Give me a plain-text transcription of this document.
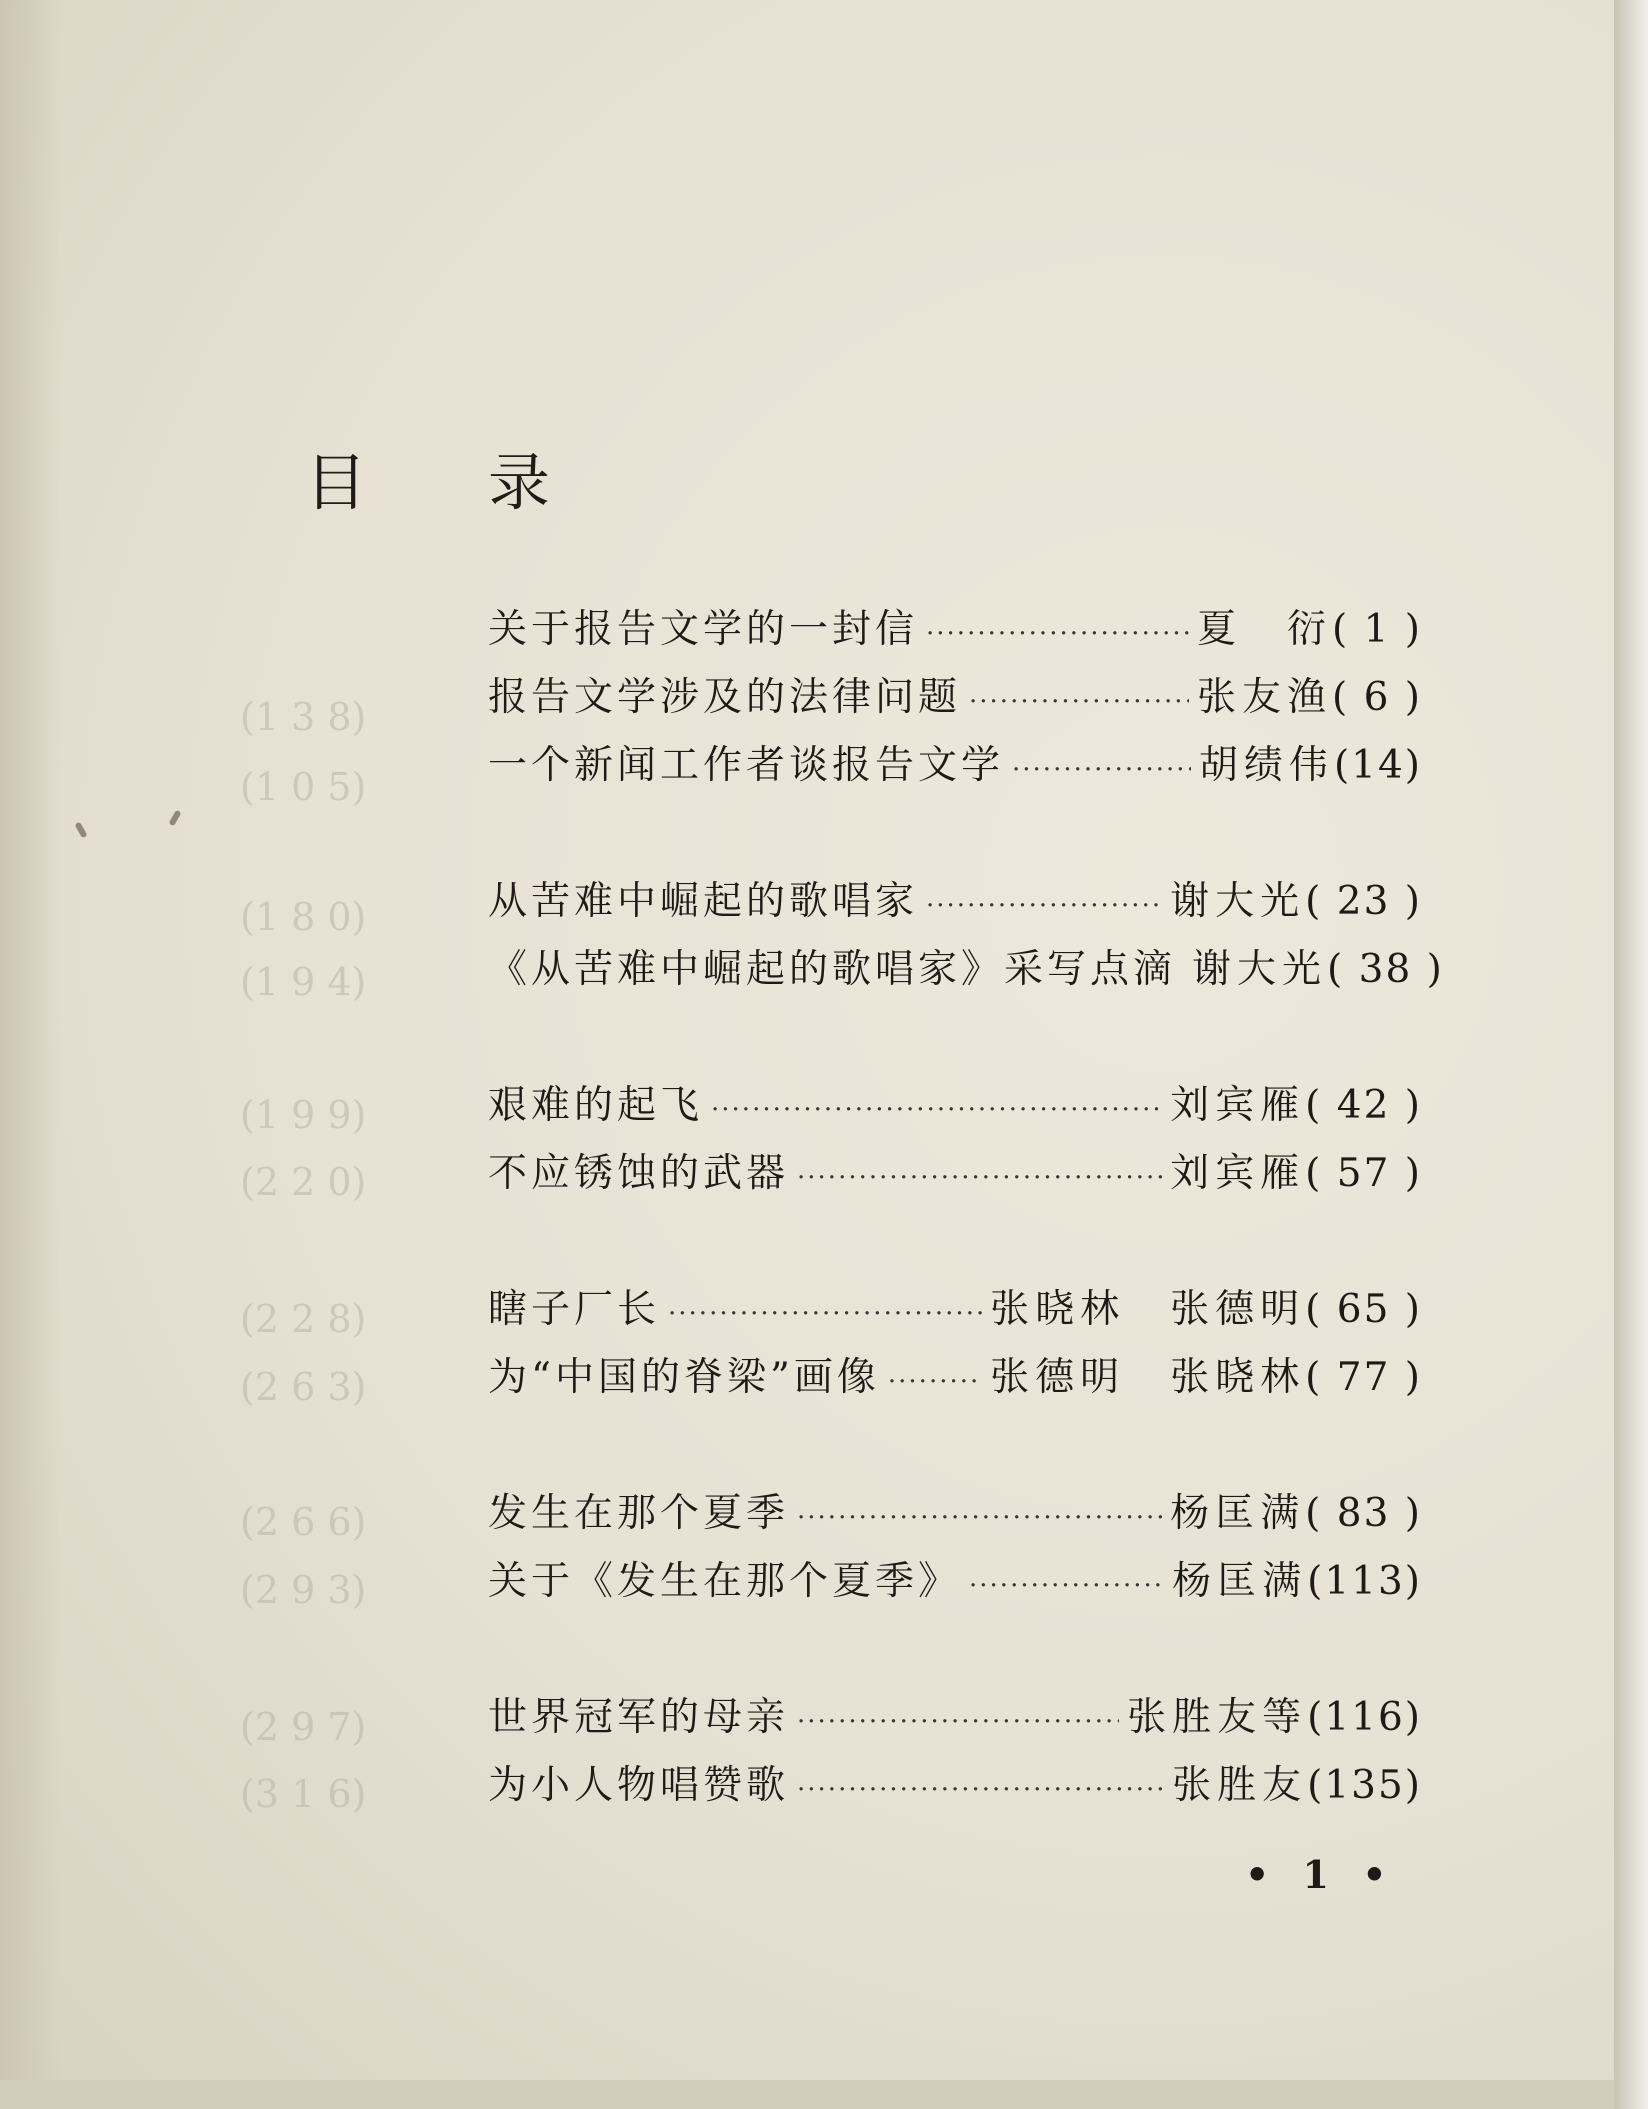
(1 3 8)
(1 0 5)
(1 8 0)
(1 9 4)
(1 9 9)
(2 2 0)
(2 2 8)
(2 6 3)
(2 6 6)
(2 9 3)
(2 9 7)
(3 1 6)
目 录
关于报告文学的一封信 ·····	夏　衍 ( 1 )
报告文学涉及的法律问题 ·····	张友渔 ( 6 )
一个新闻工作者谈报告文学 ·····	胡绩伟 (14)
从苦难中崛起的歌唱家 ·····	谢大光 ( 23 )
《从苦难中崛起的歌唱家》采写点滴 谢大光 ( 38 )
艰难的起飞 ·····	刘宾雁 ( 42 )
不应锈蚀的武器 ·····	刘宾雁 ( 57 )
瞎子厂长 ·····	张晓林　张德明 ( 65 )
为“中国的脊梁”画像 ·····	张德明　张晓林 ( 77 )
发生在那个夏季 ·····	杨匡满 ( 83 )
关于《发生在那个夏季》 ·····	杨匡满 (113)
世界冠军的母亲 ·····	张胜友等 (116)
为小人物唱赞歌 ·····	张胜友 (135)
• 1 •
